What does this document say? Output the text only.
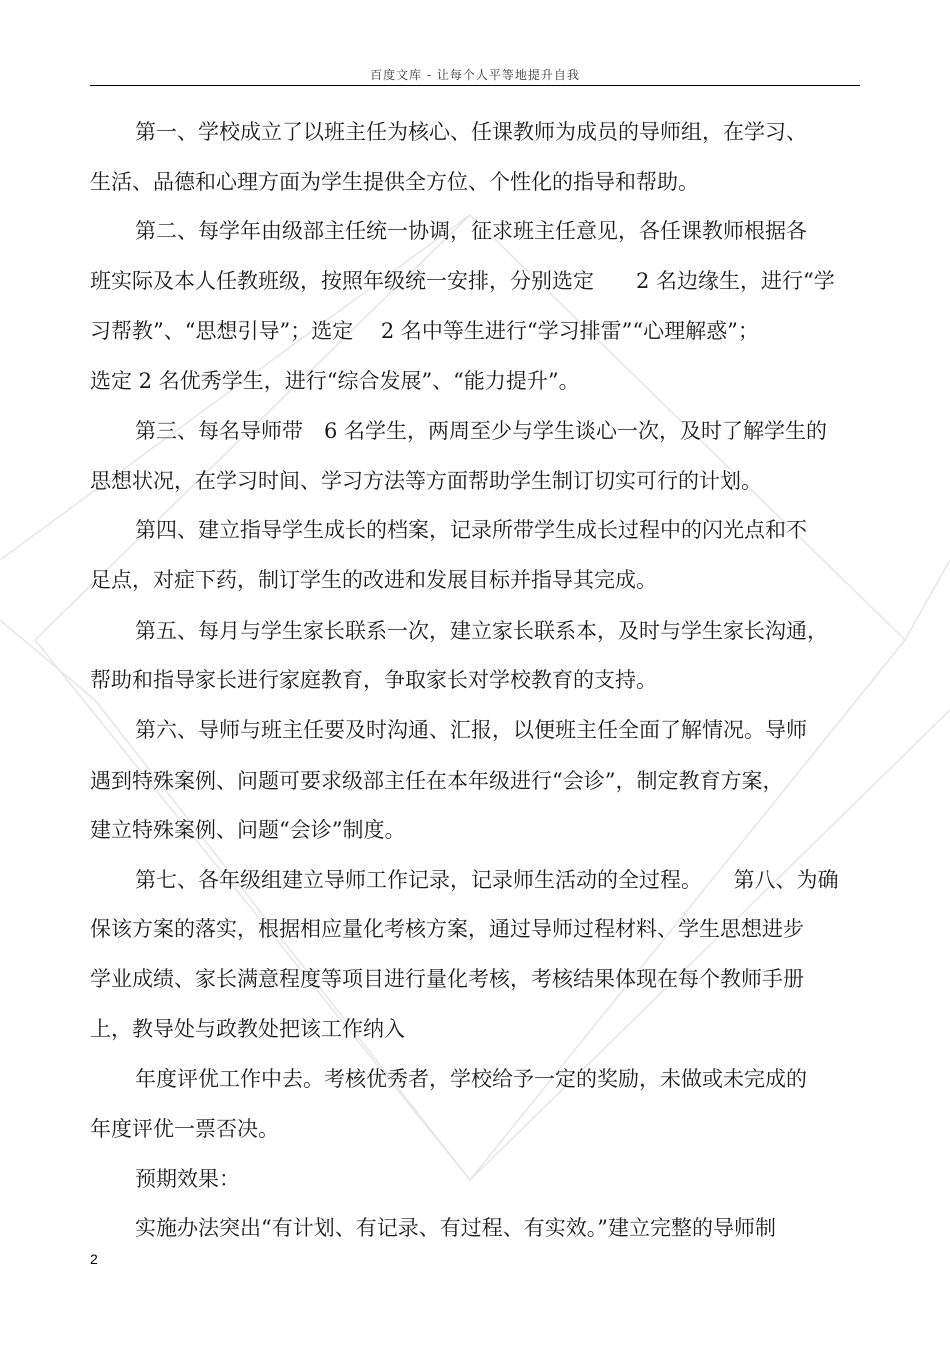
百度文库 - 让每个人平等地提升自我
第一、学校成立了以班主任为核心、任课教师为成员的导师组，在学习、
生活、品德和心理方面为学生提供全方位、个性化的指导和帮助。
第二、每学年由级部主任统一协调，征求班主任意见，各任课教师根据各
班实际及本人任教班级，按照年级统一安排，分别选定　　2 名边缘生，进行“学
习帮教”、“思想引导”；选定　 2 名中等生进行“学习排雷”“心理解惑”；
选定 2 名优秀学生，进行“综合发展”、“能力提升”。
第三、每名导师带　6 名学生，两周至少与学生谈心一次，及时了解学生的
思想状况，在学习时间、学习方法等方面帮助学生制订切实可行的计划。
第四、建立指导学生成长的档案，记录所带学生成长过程中的闪光点和不
足点，对症下药，制订学生的改进和发展目标并指导其完成。
第五、每月与学生家长联系一次，建立家长联系本，及时与学生家长沟通，
帮助和指导家长进行家庭教育，争取家长对学校教育的支持。
第六、导师与班主任要及时沟通、汇报，以便班主任全面了解情况。导师
遇到特殊案例、问题可要求级部主任在本年级进行“会诊”，制定教育方案，
建立特殊案例、问题“会诊”制度。
第七、各年级组建立导师工作记录，记录师生活动的全过程。　　第八、为确
保该方案的落实，根据相应量化考核方案，通过导师过程材料、学生思想进步
学业成绩、家长满意程度等项目进行量化考核，考核结果体现在每个教师手册
上，教导处与政教处把该工作纳入
年度评优工作中去。考核优秀者，学校给予一定的奖励，未做或未完成的
年度评优一票否决。
预期效果：
实施办法突出“有计划、有记录、有过程、有实效。”建立完整的导师制
2
